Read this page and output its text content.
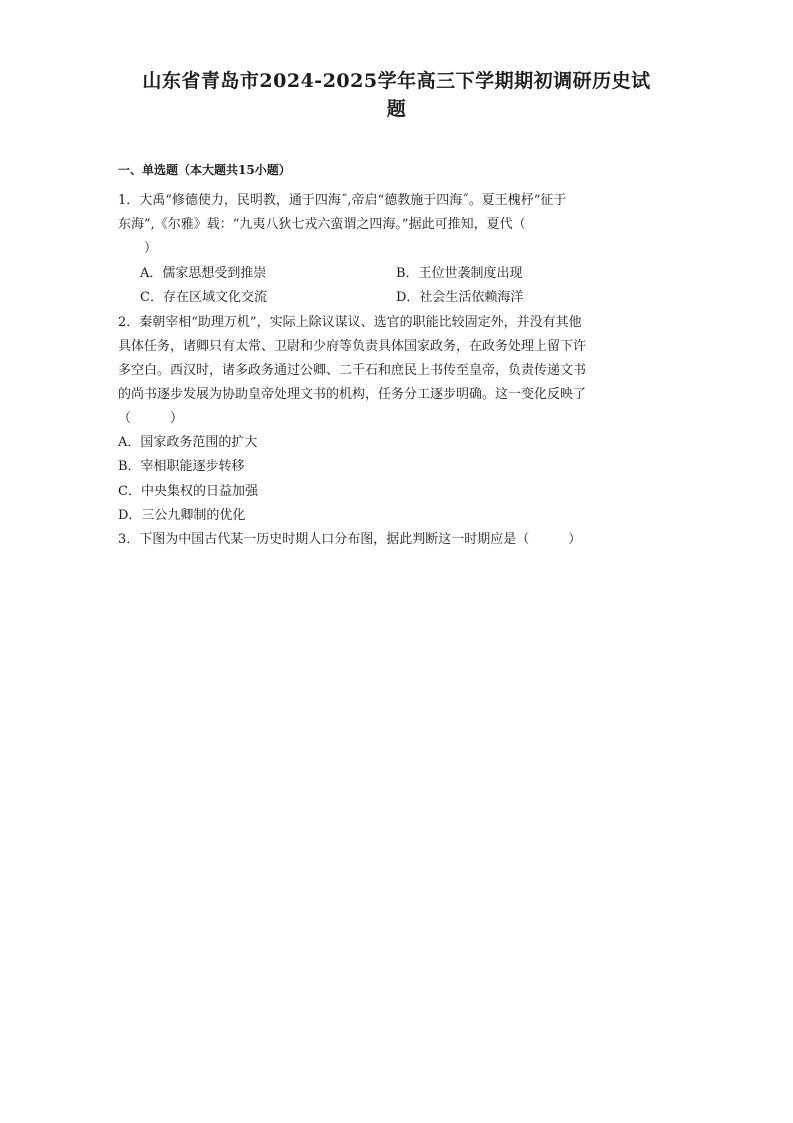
山东省青岛市2024-2025学年高三下学期期初调研历史试
题
一、单选题（本大题共15小题）
1．大禹“修德使力，民明教，通于四海˝,帝启“德教施于四海˝。夏王槐杼“征于
东海”,《尔雅》载：“九夷八狄七戎六蛮谓之四海。”据此可推知，夏代（
　　）
A．儒家思想受到推崇	B．王位世袭制度出现
C．存在区域文化交流	D．社会生活依赖海洋
2．秦朝宰相“助理万机”，实际上除议谋议、选官的职能比较固定外，并没有其他
具体任务，诸卿只有太常、卫尉和少府等负责具体国家政务，在政务处理上留下许
多空白。西汉时，诸多政务通过公卿、二千石和庶民上书传至皇帝，负责传递文书
的尚书逐步发展为协助皇帝处理文书的机构，任务分工逐步明确。这一变化反映了
（　　　）
A．国家政务范围的扩大
B．宰相职能逐步转移
C．中央集权的日益加强
D．三公九卿制的优化
3．下图为中国古代某一历史时期人口分布图，据此判断这一时期应是（　　　）
